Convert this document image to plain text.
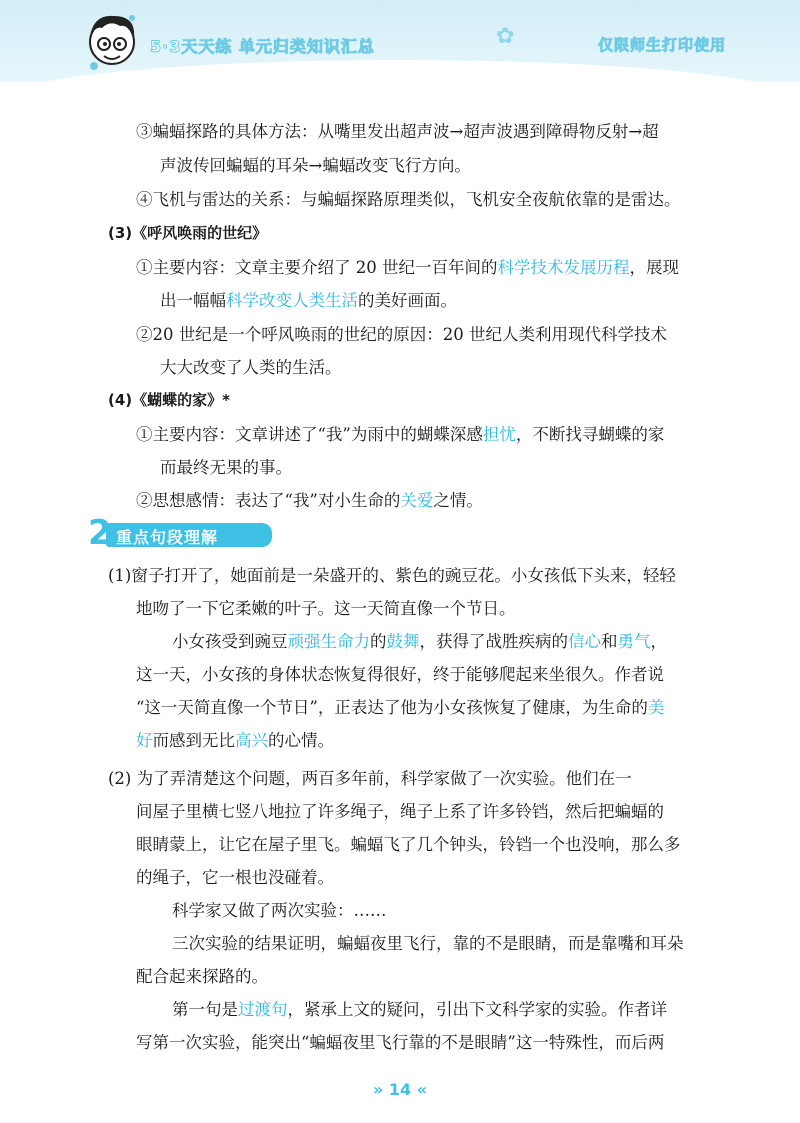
5·3天天练 单元归类知识汇总	✿	仅限师生打印使用
③蝙蝠探路的具体方法：从嘴里发出超声波→超声波遇到障碍物反射→超
声波传回蝙蝠的耳朵→蝙蝠改变飞行方向。
④飞机与雷达的关系：与蝙蝠探路原理类似，飞机安全夜航依靠的是雷达。
(3)《呼风唤雨的世纪》
①主要内容：文章主要介绍了 20 世纪一百年间的科学技术发展历程，展现
出一幅幅科学改变人类生活的美好画面。
②20 世纪是一个呼风唤雨的世纪的原因：20 世纪人类利用现代科学技术
大大改变了人类的生活。
(4)《蝴蝶的家》*
①主要内容：文章讲述了“我”为雨中的蝴蝶深感担忧，不断找寻蝴蝶的家
而最终无果的事。
②思想感情：表达了“我”对小生命的关爱之情。
2 重点句段理解
(1)窗子打开了，她面前是一朵盛开的、紫色的豌豆花。小女孩低下头来，轻轻
地吻了一下它柔嫩的叶子。这一天简直像一个节日。
小女孩受到豌豆顽强生命力的鼓舞，获得了战胜疾病的信心和勇气，
这一天，小女孩的身体状态恢复得很好，终于能够爬起来坐很久。作者说
“这一天简直像一个节日”，正表达了他为小女孩恢复了健康，为生命的美
好而感到无比高兴的心情。
(2) 为了弄清楚这个问题，两百多年前，科学家做了一次实验。他们在一
间屋子里横七竖八地拉了许多绳子，绳子上系了许多铃铛，然后把蝙蝠的
眼睛蒙上，让它在屋子里飞。蝙蝠飞了几个钟头，铃铛一个也没响，那么多
的绳子，它一根也没碰着。
科学家又做了两次实验：……
三次实验的结果证明，蝙蝠夜里飞行，靠的不是眼睛，而是靠嘴和耳朵
配合起来探路的。
第一句是过渡句，紧承上文的疑问，引出下文科学家的实验。作者详
写第一次实验，能突出“蝙蝠夜里飞行靠的不是眼睛”这一特殊性，而后两
» 14 «
